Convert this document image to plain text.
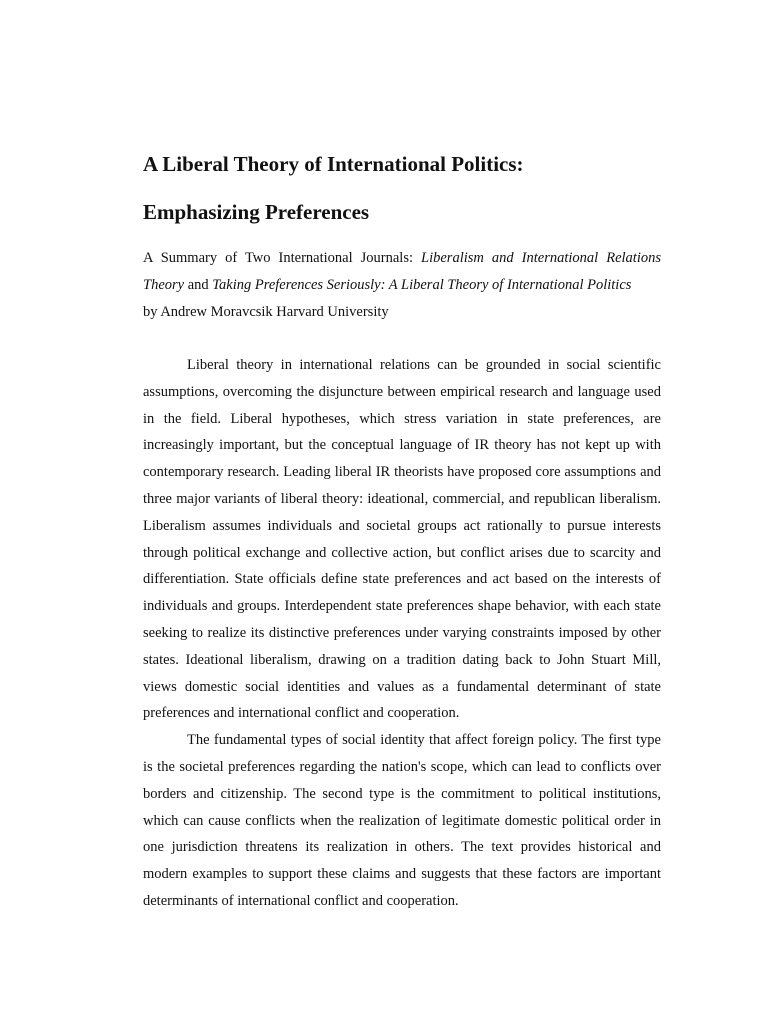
A Liberal Theory of International Politics:
Emphasizing Preferences
A Summary of Two International Journals: Liberalism and International Relations Theory and Taking Preferences Seriously: A Liberal Theory of International Politics
by Andrew Moravcsik Harvard University

Liberal theory in international relations can be grounded in social scientific assumptions, overcoming the disjuncture between empirical research and language used in the field. Liberal hypotheses, which stress variation in state preferences, are increasingly important, but the conceptual language of IR theory has not kept up with contemporary research. Leading liberal IR theorists have proposed core assumptions and three major variants of liberal theory: ideational, commercial, and republican liberalism. Liberalism assumes individuals and societal groups act rationally to pursue interests through political exchange and collective action, but conflict arises due to scarcity and differentiation. State officials define state preferences and act based on the interests of individuals and groups. Interdependent state preferences shape behavior, with each state seeking to realize its distinctive preferences under varying constraints imposed by other states. Ideational liberalism, drawing on a tradition dating back to John Stuart Mill, views domestic social identities and values as a fundamental determinant of state preferences and international conflict and cooperation.

The fundamental types of social identity that affect foreign policy. The first type is the societal preferences regarding the nation's scope, which can lead to conflicts over borders and citizenship. The second type is the commitment to political institutions, which can cause conflicts when the realization of legitimate domestic political order in one jurisdiction threatens its realization in others. The text provides historical and modern examples to support these claims and suggests that these factors are important determinants of international conflict and cooperation.
